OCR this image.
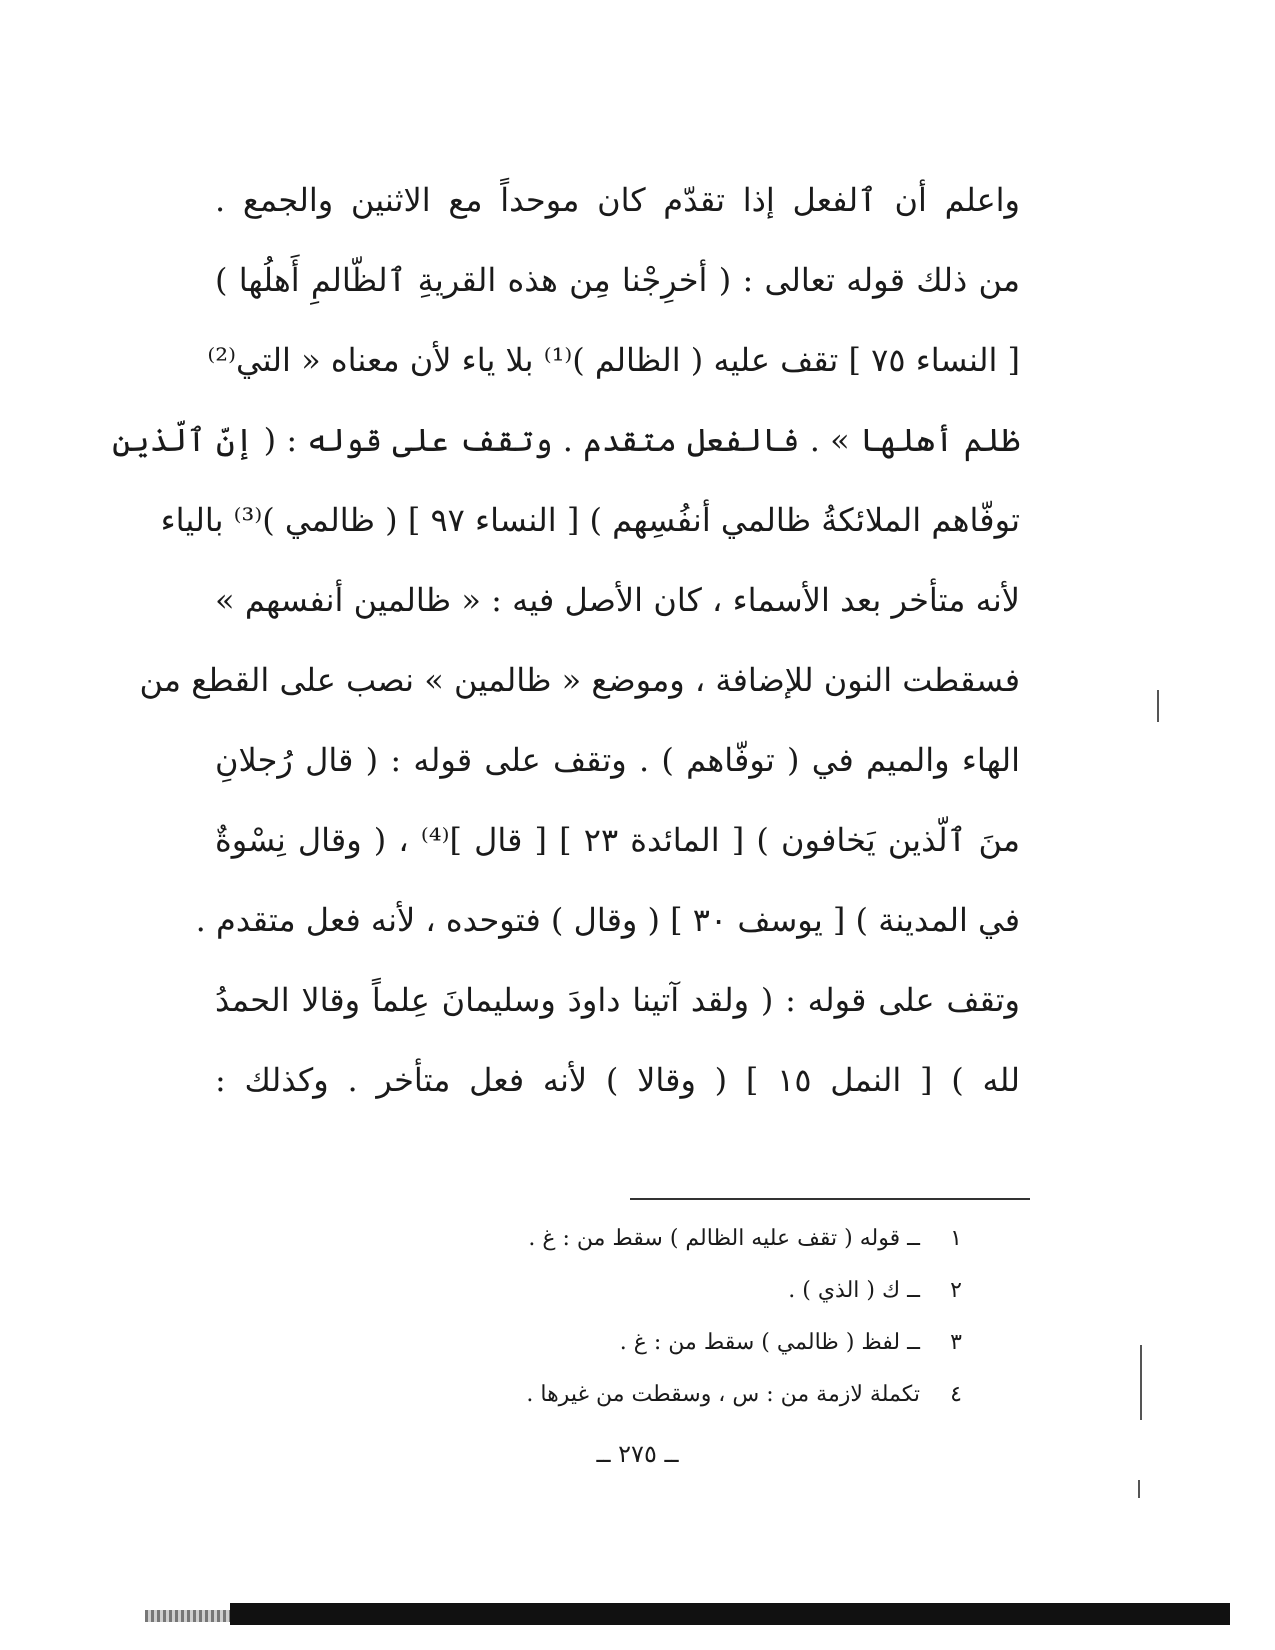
واعلم أن ٱلفعل إذا تقدّم كان موحداً مع الاثنين والجمع .
من ذلك قوله تعالى : ( أخرِجْنا مِن هذه القريةِ ٱلظّالمِ أَهلُها )
[ النساء ٧٥ ] تقف عليه ( الظالم )⁽¹⁾ بلا ياء لأن معناه « التي⁽²⁾
ظلم أهلها » . فالفعل متقدم . وتقف على قوله : ( إنّ ٱلّذين
توفّاهم الملائكةُ ظالمي أنفُسِهم ) [ النساء ٩٧ ] ( ظالمي )⁽³⁾ بالياء
لأنه متأخر بعد الأسماء ، كان الأصل فيه : « ظالمين أنفسهم »
فسقطت النون للإضافة ، وموضع « ظالمين » نصب على القطع من
الهاء والميم في ( توفّاهم ) . وتقف على قوله : ( قال رُجلانِ
منَ ٱلّذين يَخافون ) [ المائدة ٢٣ ] [ قال ]⁽⁴⁾ ، ( وقال نِسْوةٌ
في المدينة ) [ يوسف ٣٠ ] ( وقال ) فتوحده ، لأنه فعل متقدم .
وتقف على قوله : ( ولقد آتينا داودَ وسليمانَ عِلماً وقالا الحمدُ
لله ) [ النمل ١٥ ] ( وقالا ) لأنه فعل متأخر . وكذلك :
١
ــ قوله ( تقف عليه الظالم ) سقط من : غ .
٢
ــ ك ( الذي ) .
٣
ــ لفظ ( ظالمي ) سقط من : غ .
٤
تكملة لازمة من : س ، وسقطت من غيرها .
ــ ٢٧٥ ــ
